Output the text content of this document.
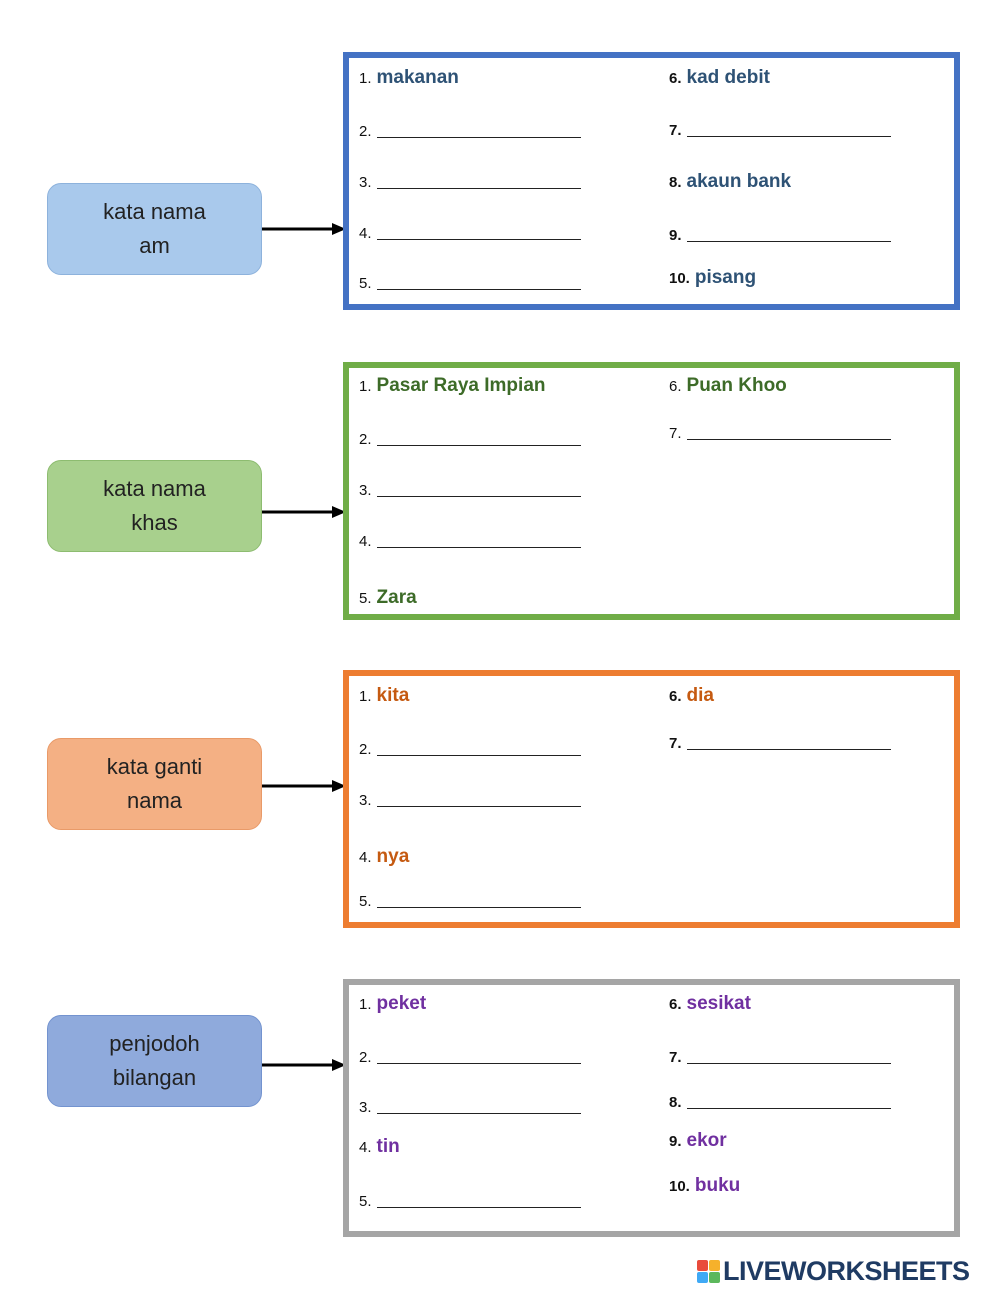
kata nama
am
1. makanan
2.
3.
4.
5.
6. kad debit
7.
8. akaun bank
9.
10. pisang
kata nama
khas
1. Pasar Raya Impian
2.
3.
4.
5. Zara
6. Puan Khoo
7.
kata ganti
nama
1. kita
2.
3.
4. nya
5.
6. dia
7.
penjodoh
bilangan
1. peket
2.
3.
4. tin
5.
6. sesikat
7.
8.
9. ekor
10. buku
LIVEWORKSHEETS
